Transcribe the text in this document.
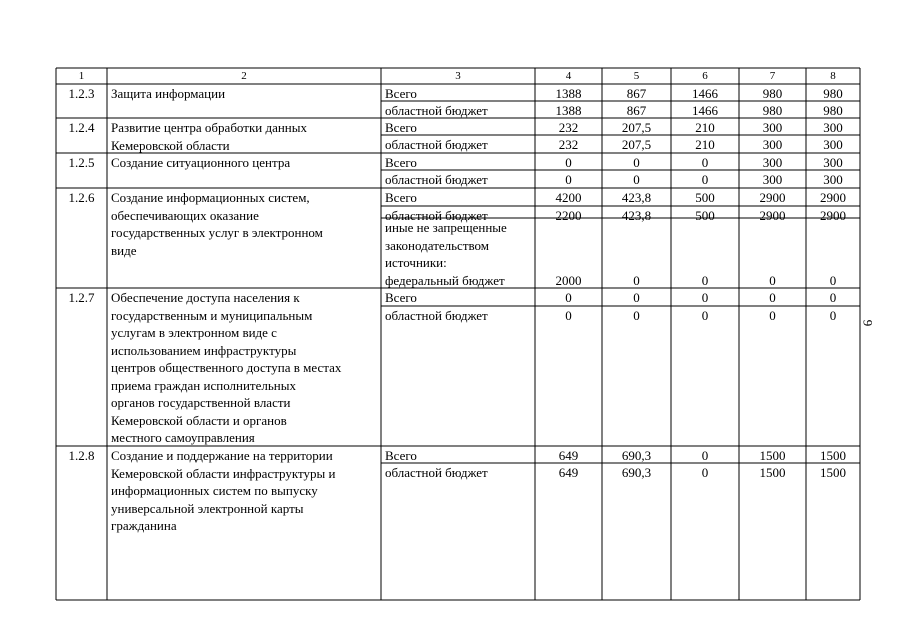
9
1	2	3	4	5	6	7	8
1.2.3	Защита информации	Всего	1388	867	1466	980	980
областной бюджет	1388	867	1466	980	980
1.2.4	Развитие центра обработки данных
Кемеровской области
Всего	232	207,5	210	300	300
областной бюджет	232	207,5	210	300	300
1.2.5	Создание ситуационного центра	Всего	0	0	0	300	300
областной бюджет	0	0	0	300	300
1.2.6	Создание информационных систем,
обеспечивающих оказание
государственных услуг в электронном
виде
Всего	4200	423,8	500	2900	2900
областной бюджет	2200	423,8	500	2900	2900
иные не запрещенные
законодательством
источники:
федеральный бюджет	2000	0	0	0	0
1.2.7	Обеспечение доступа населения к
государственным и муниципальным
услугам в электронном виде с
использованием инфраструктуры
центров общественного доступа в местах
приема граждан исполнительных
органов государственной власти
Кемеровской области и органов
местного самоуправления
Всего	0	0	0	0	0
областной бюджет	0	0	0	0	0
1.2.8	Создание и поддержание на территории
Кемеровской области инфраструктуры и
информационных систем по выпуску
универсальной электронной карты
гражданина
Всего	649	690,3	0	1500	1500
областной бюджет	649	690,3	0	1500	1500
